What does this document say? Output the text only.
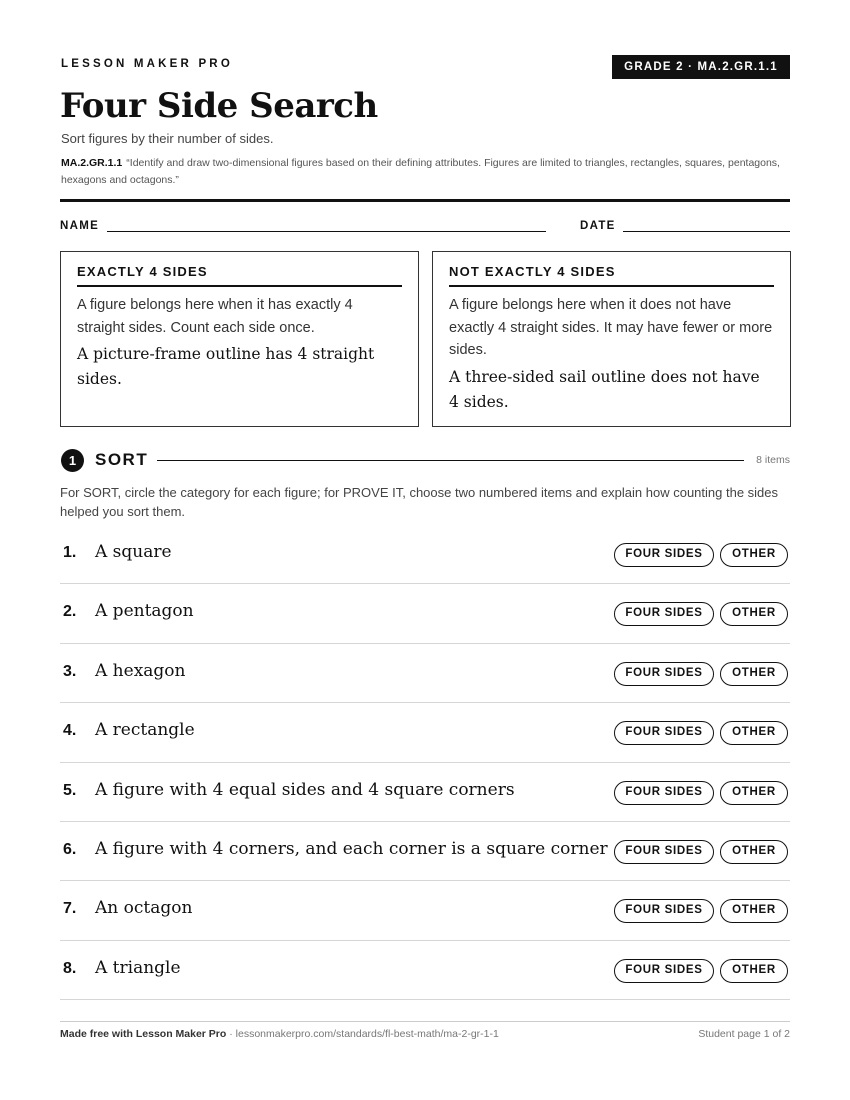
LESSON MAKER PRO	GRADE 2 · MA.2.GR.1.1
Four Side Search
Sort figures by their number of sides.
MA.2.GR.1.1 “Identify and draw two-dimensional figures based on their defining attributes. Figures are limited to triangles, rectangles, squares, pentagons, hexagons and octagons.”
NAME	DATE
EXACTLY 4 SIDES
A figure belongs here when it has exactly 4 straight sides. Count each side once.
A picture-frame outline has 4 straight sides.
NOT EXACTLY 4 SIDES
A figure belongs here when it does not have exactly 4 straight sides. It may have fewer or more sides.
A three-sided sail outline does not have 4 sides.
1	SORT	8 items
For SORT, circle the category for each figure; for PROVE IT, choose two numbered items and explain how counting the sides helped you sort them.
1. A square	FOUR SIDES	OTHER
2. A pentagon	FOUR SIDES	OTHER
3. A hexagon	FOUR SIDES	OTHER
4. A rectangle	FOUR SIDES	OTHER
5. A figure with 4 equal sides and 4 square corners	FOUR SIDES	OTHER
6. A figure with 4 corners, and each corner is a square corner	FOUR SIDES	OTHER
7. An octagon	FOUR SIDES	OTHER
8. A triangle	FOUR SIDES	OTHER
Made free with Lesson Maker Pro · lessonmakerpro.com/standards/fl-best-math/ma-2-gr-1-1	Student page 1 of 2
